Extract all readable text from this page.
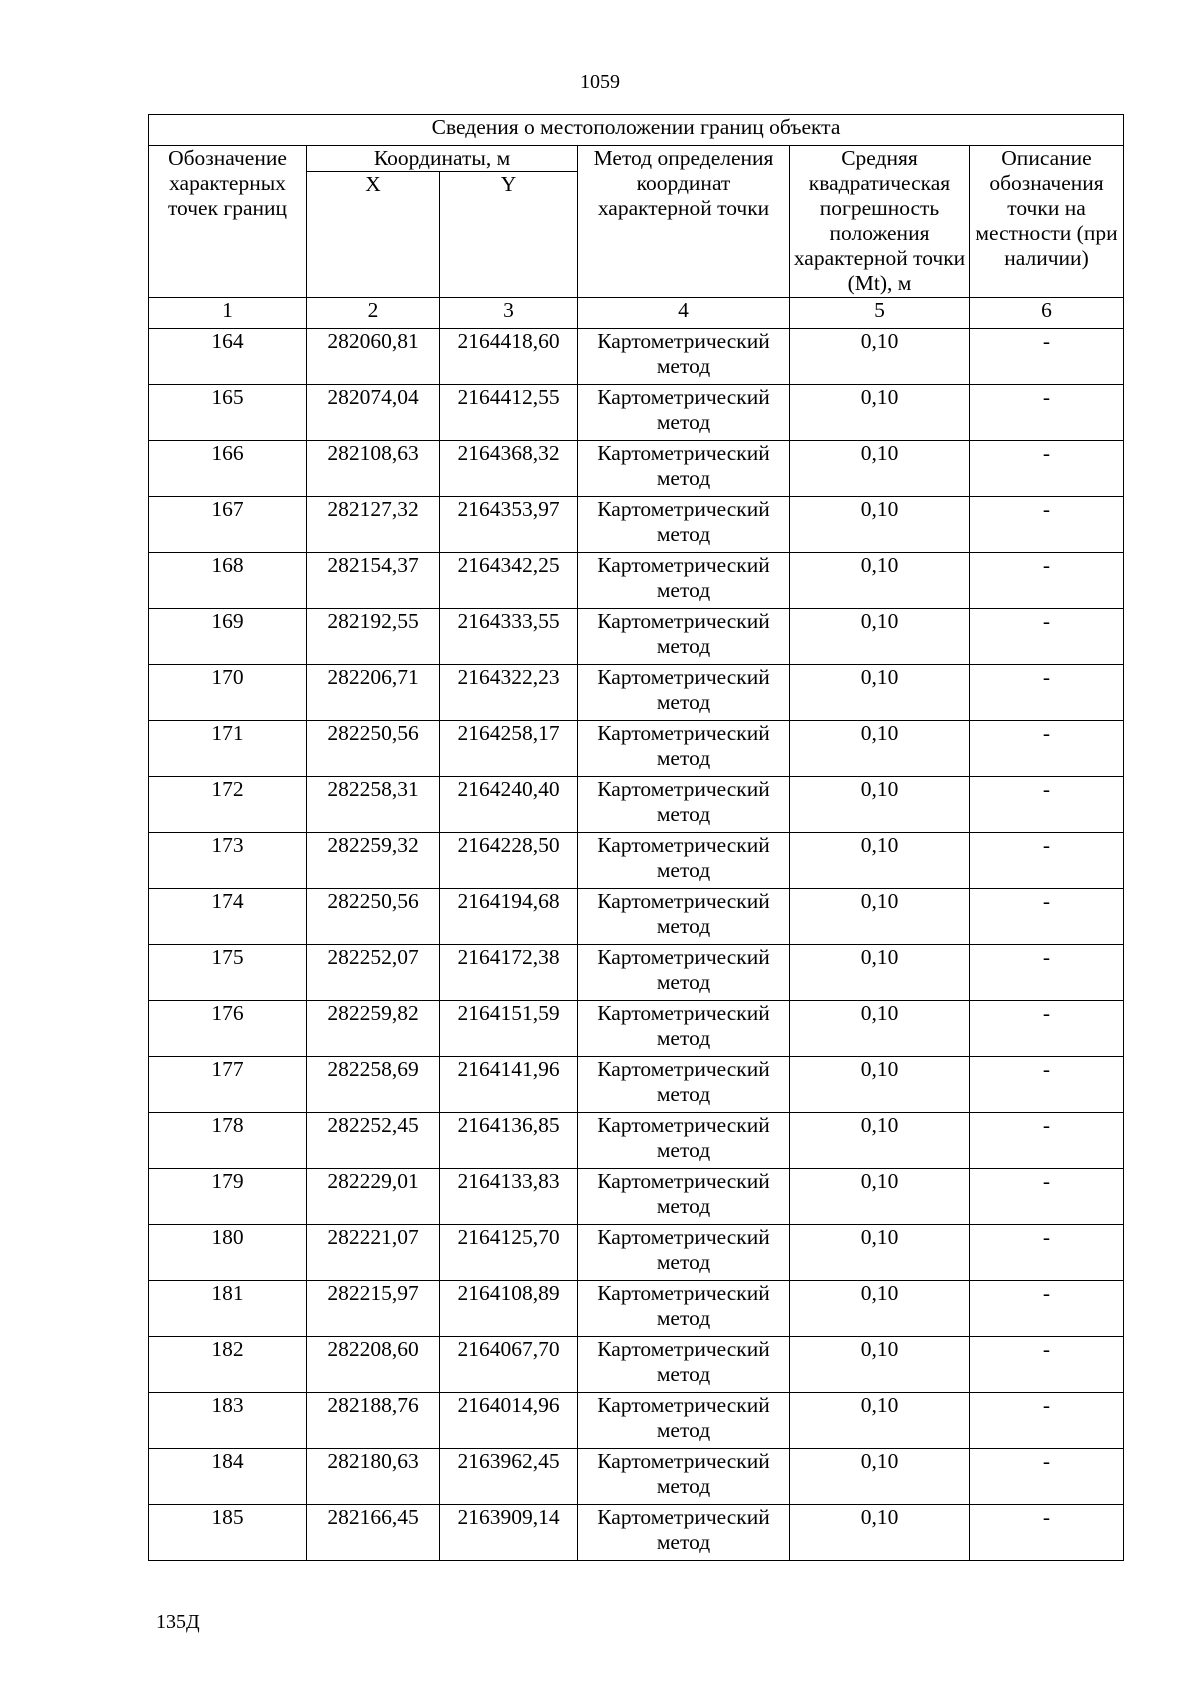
1059
Сведения о местоположении границ объекта					
Обозначение характерных точек границ	Координаты, м		Метод определения координат характерной точки	Средняя квадратическая погрешность положения характерной точки (Mt), м	Описание обозначения точки на местности (при наличии)
	X	Y			
1	2	3	4	5	6
164	282060,81	2164418,60	Картометрический метод	0,10	-
165	282074,04	2164412,55	Картометрический метод	0,10	-
166	282108,63	2164368,32	Картометрический метод	0,10	-
167	282127,32	2164353,97	Картометрический метод	0,10	-
168	282154,37	2164342,25	Картометрический метод	0,10	-
169	282192,55	2164333,55	Картометрический метод	0,10	-
170	282206,71	2164322,23	Картометрический метод	0,10	-
171	282250,56	2164258,17	Картометрический метод	0,10	-
172	282258,31	2164240,40	Картометрический метод	0,10	-
173	282259,32	2164228,50	Картометрический метод	0,10	-
174	282250,56	2164194,68	Картометрический метод	0,10	-
175	282252,07	2164172,38	Картометрический метод	0,10	-
176	282259,82	2164151,59	Картометрический метод	0,10	-
177	282258,69	2164141,96	Картометрический метод	0,10	-
178	282252,45	2164136,85	Картометрический метод	0,10	-
179	282229,01	2164133,83	Картометрический метод	0,10	-
180	282221,07	2164125,70	Картометрический метод	0,10	-
181	282215,97	2164108,89	Картометрический метод	0,10	-
182	282208,60	2164067,70	Картометрический метод	0,10	-
183	282188,76	2164014,96	Картометрический метод	0,10	-
184	282180,63	2163962,45	Картометрический метод	0,10	-
185	282166,45	2163909,14	Картометрический метод	0,10	-
135Д
